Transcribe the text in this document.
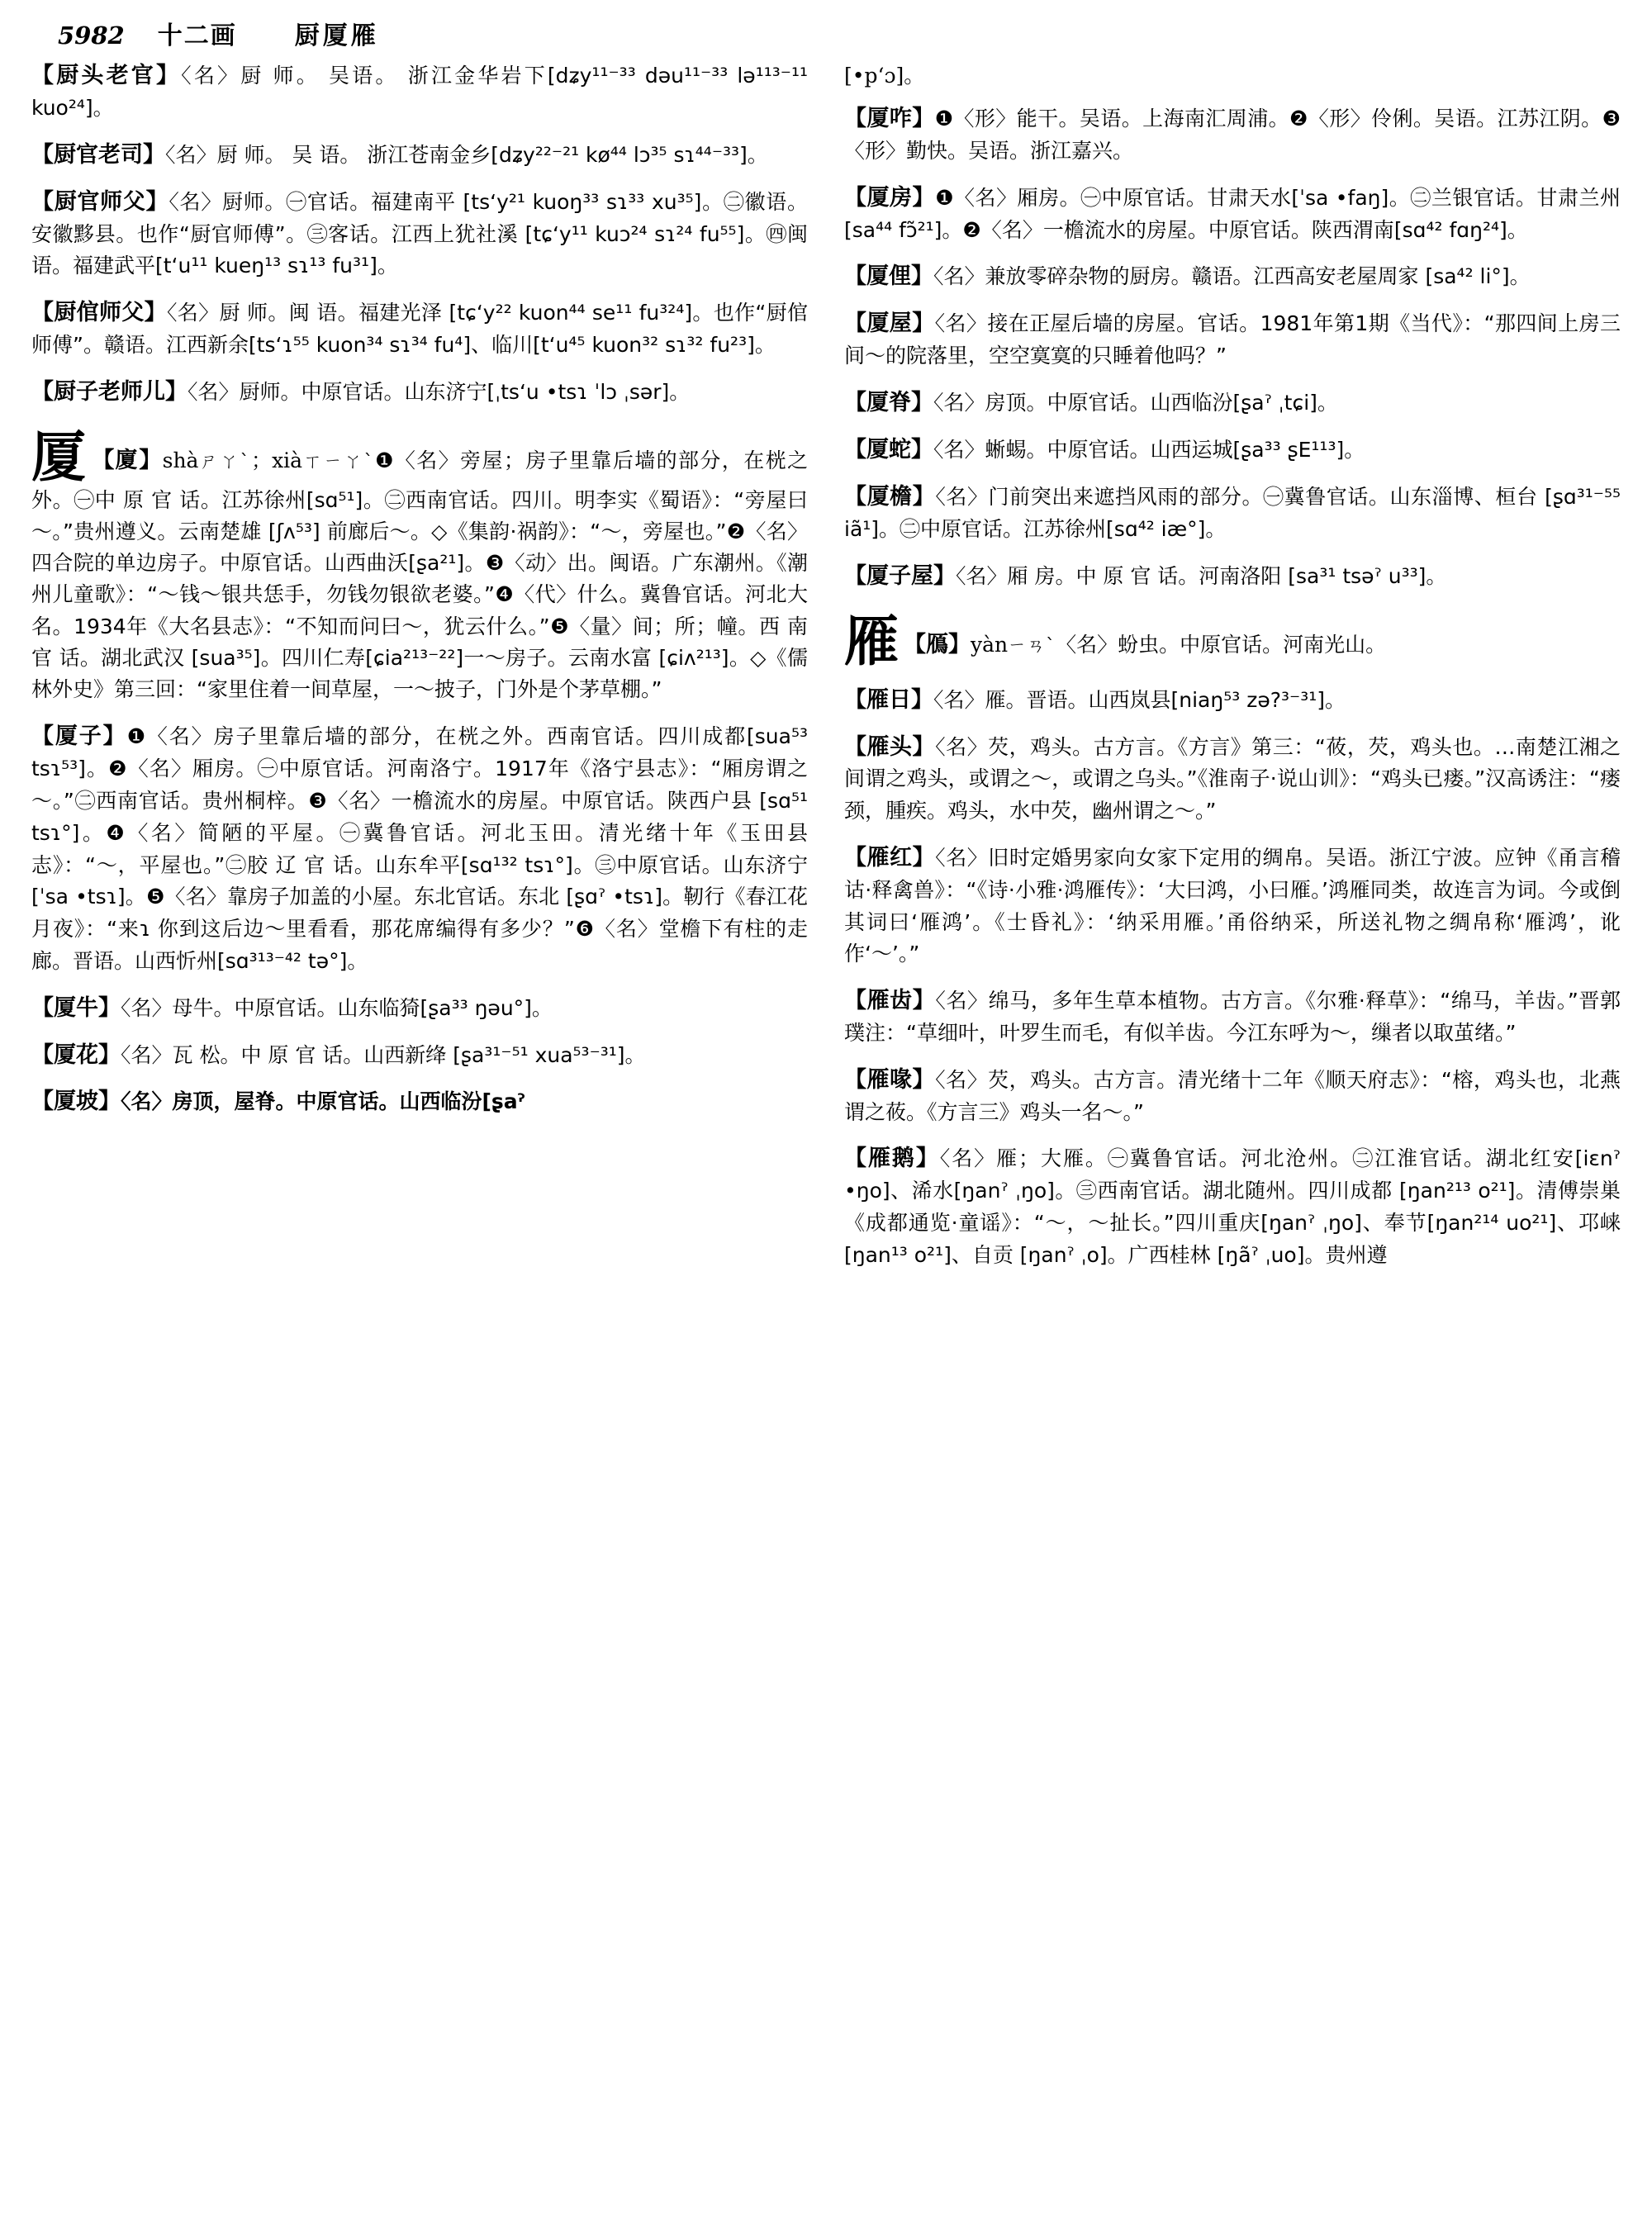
5982 十二画 厨厦雁
【厨头老官】〈名〉厨 师。 吴语。 浙江金华岩下[dʑy¹¹⁻³³ dəu¹¹⁻³³ lə¹¹³⁻¹¹ kuo²⁴]。
【厨官老司】〈名〉厨 师。 吴 语。 浙江苍南金乡[dʑy²²⁻²¹ kø⁴⁴ lɔ³⁵ sɿ⁴⁴⁻³³]。
【厨官师父】〈名〉厨师。㊀官话。福建南平 [tsʻy²¹ kuoŋ³³ sɿ³³ xu³⁵]。㊁徽语。安徽黟县。也作“厨官师傅”。㊂客话。江西上犹社溪 [tɕʻy¹¹ kuɔ²⁴ sɿ²⁴ fu⁵⁵]。㊃闽语。福建武平[tʻu¹¹ kueŋ¹³ sɿ¹³ fu³¹]。
【厨倌师父】〈名〉厨 师。闽 语。福建光泽 [tɕʻy²² kuon⁴⁴ se¹¹ fu³²⁴]。也作“厨倌师傅”。赣语。江西新余[tsʻɿ⁵⁵ kuon³⁴ sɿ³⁴ fu⁴]、临川[tʻu⁴⁵ kuon³² sɿ³² fu²³]。
【厨子老师儿】〈名〉厨师。中原官话。山东济宁[ˌtsʻu •tsɿ ˈlɔ ˌsər]。
厦 【廈】shàㄕㄚˋ；xiàㄒㄧㄚˋ❶〈名〉旁屋；房子里靠后墙的部分，在桄之外。㊀中 原 官 话。江苏徐州[sɑ⁵¹]。㊁西南官话。四川。明李实《蜀语》：“旁屋曰～。”贵州遵义。云南楚雄 [ʃʌ⁵³] 前廊后～。◇《集韵·祸韵》：“～，旁屋也。”❷〈名〉四合院的单边房子。中原官话。山西曲沃[ʂa²¹]。❸〈动〉出。闽语。广东潮州。《潮州儿童歌》：“～钱～银共恁手，勿钱勿银欲老婆。”❹〈代〉什么。冀鲁官话。河北大名。1934年《大名县志》：“不知而问曰～，犹云什么。”❺〈量〉间；所；幢。西 南 官 话。湖北武汉 [sua³⁵]。四川仁寿[ɕia²¹³⁻²²]一～房子。云南水富 [ɕiʌ²¹³]。◇《儒林外史》第三回：“家里住着一间草屋，一～披子，门外是个茅草棚。”
【厦子】❶〈名〉房子里靠后墙的部分，在桄之外。西南官话。四川成都[sua⁵³ tsɿ⁵³]。❷〈名〉厢房。㊀中原官话。河南洛宁。1917年《洛宁县志》：“厢房谓之～。”㊁西南官话。贵州桐梓。❸〈名〉一檐流水的房屋。中原官话。陕西户县 [sɑ⁵¹ tsɿ°]。❹〈名〉简陋的平屋。㊀冀鲁官话。河北玉田。清光绪十年《玉田县志》：“～，平屋也。”㊁胶 辽 官 话。山东牟平[sɑ¹³² tsɿ°]。㊂中原官话。山东济宁[ˈsa •tsɿ]。❺〈名〉靠房子加盖的小屋。东北官话。东北 [ʂɑˀ •tsɿ]。靭行《春江花月夜》：“来ɿ 你到这后边～里看看，那花席编得有多少？”❻〈名〉堂檐下有柱的走廊。晋语。山西忻州[sɑ³¹³⁻⁴² tə°]。
【厦牛】〈名〉母牛。中原官话。山东临猗[ʂa³³ ŋəu°]。
【厦花】〈名〉瓦 松。中 原 官 话。山西新绛 [ʂa³¹⁻⁵¹ xua⁵³⁻³¹]。
【厦坡】〈名〉房顶，屋脊。中原官话。山西临汾[ʂaˀ
[•pʻɔ]。
【厦咋】❶〈形〉能干。吴语。上海南汇周浦。❷〈形〉伶俐。吴语。江苏江阴。❸〈形〉勤快。吴语。浙江嘉兴。
【厦房】❶〈名〉厢房。㊀中原官话。甘肃天水[ˈsa •faŋ]。㊁兰银官话。甘肃兰州[sa⁴⁴ fɔ̃²¹]。❷〈名〉一檐流水的房屋。中原官话。陕西渭南[sɑ⁴² fɑŋ²⁴]。
【厦俚】〈名〉兼放零碎杂物的厨房。赣语。江西高安老屋周家 [sa⁴² li°]。
【厦屋】〈名〉接在正屋后墙的房屋。官话。1981年第1期《当代》：“那四间上房三间～的院落里，空空寞寞的只睡着他吗？”
【厦脊】〈名〉房顶。中原官话。山西临汾[ʂaˀ ˌtɕi]。
【厦蛇】〈名〉蜥蜴。中原官话。山西运城[ʂa³³ ʂE¹¹³]。
【厦檐】〈名〉门前突出来遮挡风雨的部分。㊀冀鲁官话。山东淄博、桓台 [ʂɑ³¹⁻⁵⁵ iã¹]。㊁中原官话。江苏徐州[sɑ⁴² iæ°]。
【厦子屋】〈名〉厢 房。中 原 官 话。河南洛阳 [sa³¹ tsəˀ u³³]。
雁 【鴈】yànㄧㄢˋ〈名〉蚡虫。中原官话。河南光山。
【雁日】〈名〉雁。晋语。山西岚县[niaŋ⁵³ zə?³⁻³¹]。
【雁头】〈名〉芡，鸡头。古方言。《方言》第三：“莜，芡，鸡头也。…南楚江湘之间谓之鸡头，或谓之～，或谓之乌头。”《淮南子·说山训》：“鸡头已瘘。”汉高诱注：“瘘颈，腫疾。鸡头，水中芡，幽州谓之～。”
【雁红】〈名〉旧时定婚男家向女家下定用的绸帛。吴语。浙江宁波。应钟《甬言稽诂·释禽兽》：“《诗·小雅·鸿雁传》：‘大曰鸿，小曰雁。’鸿雁同类，故连言为词。今或倒其词曰‘雁鸿’。《士昏礼》：‘纳采用雁。’甬俗纳采，所送礼物之绸帛称‘雁鸿’，讹作‘～’。”
【雁齿】〈名〉绵马，多年生草本植物。古方言。《尔雅·释草》：“绵马，羊齿。”晋郭璞注：“草细叶，叶罗生而毛，有似羊齿。今江东呼为～，缫者以取茧绪。”
【雁喙】〈名〉芡，鸡头。古方言。清光绪十二年《顺天府志》：“榕，鸡头也，北燕谓之莜。《方言三》鸡头一名～。”
【雁鹅】〈名〉雁；大雁。㊀冀鲁官话。河北沧州。㊁江淮官话。湖北红安[iɛnˀ •ŋo]、浠水[ŋanˀ ˌŋo]。㊂西南官话。湖北随州。四川成都 [ŋan²¹³ o²¹]。清傅崇巣《成都通览·童谣》：“～，～扯长。”四川重庆[ŋanˀ ˌŋo]、奉节[ŋan²¹⁴ uo²¹]、邛崃[ŋan¹³ o²¹]、自贡 [ŋanˀ ˌo]。广西桂林 [ŋãˀ ˌuo]。贵州遵
